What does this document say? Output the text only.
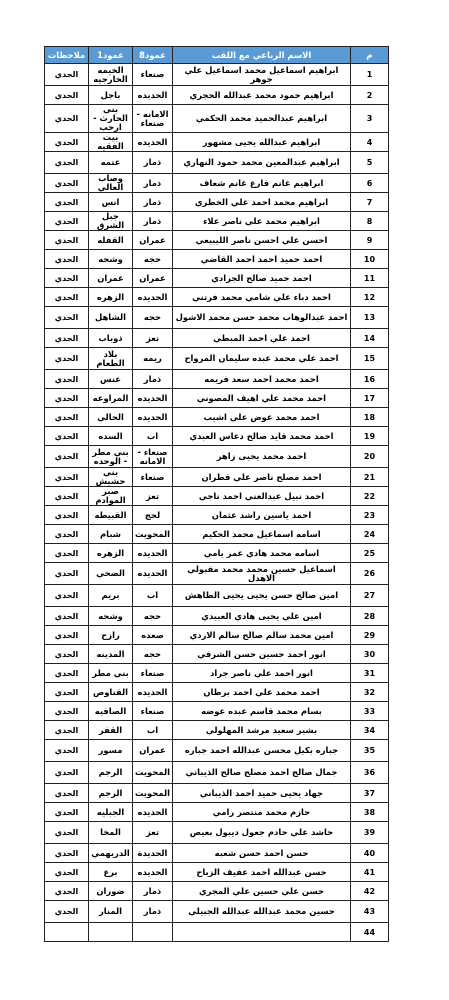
ملاحظات	عمود1	عمود8	الاسم الرباعي مع اللقب	م
الحدي	الخيمه الخارجيه	صنعاء	ابراهيم اسماعيل محمد اسماعيل علي جوهر	1
الحدي	باجل	الحديده	ابراهيم حمود محمد عبدالله الحجري	2
الحدي	بني الحارث - ارحب	الامانه - صنعاء	ابراهيم عبدالحميد محمد الحكمي	3
الحدي	بيت الفقيه	الحديده	ابراهيم عبدالله يحيى مشهور	4
الحدي	عتمه	ذمار	ابراهيم عبدالمعين محمد حمود النهاري	5
الحدي	وصاب العالي	ذمار	ابراهيم غانم قارع غانم شعاف	6
الحدي	انس	ذمار	ابراهيم محمد احمد علي الخطري	7
الحدي	جبل الشرق	ذمار	ابراهيم محمد علي ناصر علاء	8
الحدي	القفله	عمران	احسن علي احسن ناصر الليبيعي	9
الحدي	وشحه	حجه	احمد حميد احمد احمد القاضي	10
الحدي	عمران	عمران	احمد حميد صالح الجرادي	11
الحدي	الزهره	الحديده	احمد دباء علي شامي محمد فرتني	12
الحدي	الشاهل	حجه	احمد عبدالوهاب محمد حسن محمد الاشول	13
الحدي	ذوباب	تعز	احمد علي احمد المبطي	14
الحدي	بلاد الطعام	ريمه	احمد علي محمد عبده سليمان المرواح	15
الحدي	عنس	ذمار	احمد محمد احمد سعد فريمه	16
الحدي	المراوعه	الحديده	احمد محمد علي اهيف المصوني	17
الحدي	الحالي	الحديده	احمد محمد عوض علي اشيب	18
الحدي	السده	اب	احمد محمد قايد صالح دعاس العبدي	19
الحدي	بني مطر - الوحده	صنعاء - الامانه	احمد محمد يحيى زاهر	20
الحدي	بني حشيش	صنعاء	احمد مصلح ناصر علي قطران	21
الحدي	صبر الموادم	تعز	احمد نبيل عبدالغني احمد ناجي	22
الحدي	القبيطه	لحج	احمد ياسين راشد عثمان	23
الحدي	شبام	المحويت	اسامه اسماعيل محمد الحكيم	24
الحدي	الزهره	الحديده	اسامه محمد هادي عمر يامي	25
الحدي	الضحي	الحديده	اسماعيل حسين محمد محمد مقبولي الاهدل	26
الحدي	بريم	اب	امين صالح حسن يحيى يحيى الطاهش	27
الحدي	وشحه	حجه	امين علي يحيى هادي العبيدي	28
الحدي	رازح	صعده	امين محمد سالم صالح سالم الاردي	29
الحدي	المدينه	حجه	انور احمد حسين حسن الشرفي	30
الحدي	بني مطر	صنعاء	انور احمد علي ناصر جراد	31
الحدي	القناوص	الحديده	احمد محمد علي احمد برطان	32
الحدي	الصافيه	صنعاء	بسام محمد قاسم عبده عوضه	33
الحدي	القفر	اب	بشير سعيد مرشد المهلولي	34
الحدي	مسور	عمران	جباره بكيل محسن عبدالله احمد جباره	35
الحدي	الرجم	المحويت	جمال صالح احمد مصلح صالح الذيباني	36
الحدي	الرجم	المحويت	جهاد يحيى حميد احمد الذيباني	37
الحدي	الجبليه	الحديده	حازم محمد منتصر رامي	38
الحدي	المخا	تعز	حاشد علي حادم جعول ديبول بعيص	39
الحدي	الدريهمي	الحديدة	حسن احمد حسن شعبه	40
الحدي	برع	الحديده	حسن عبدالله احمد عفيف الزباح	41
الحدي	ضوران	ذمار	حسن علي حسين علي المجري	42
الحدي	المنار	ذمار	حسين محمد عبدالله عبدالله الجبيلي	43
				44
